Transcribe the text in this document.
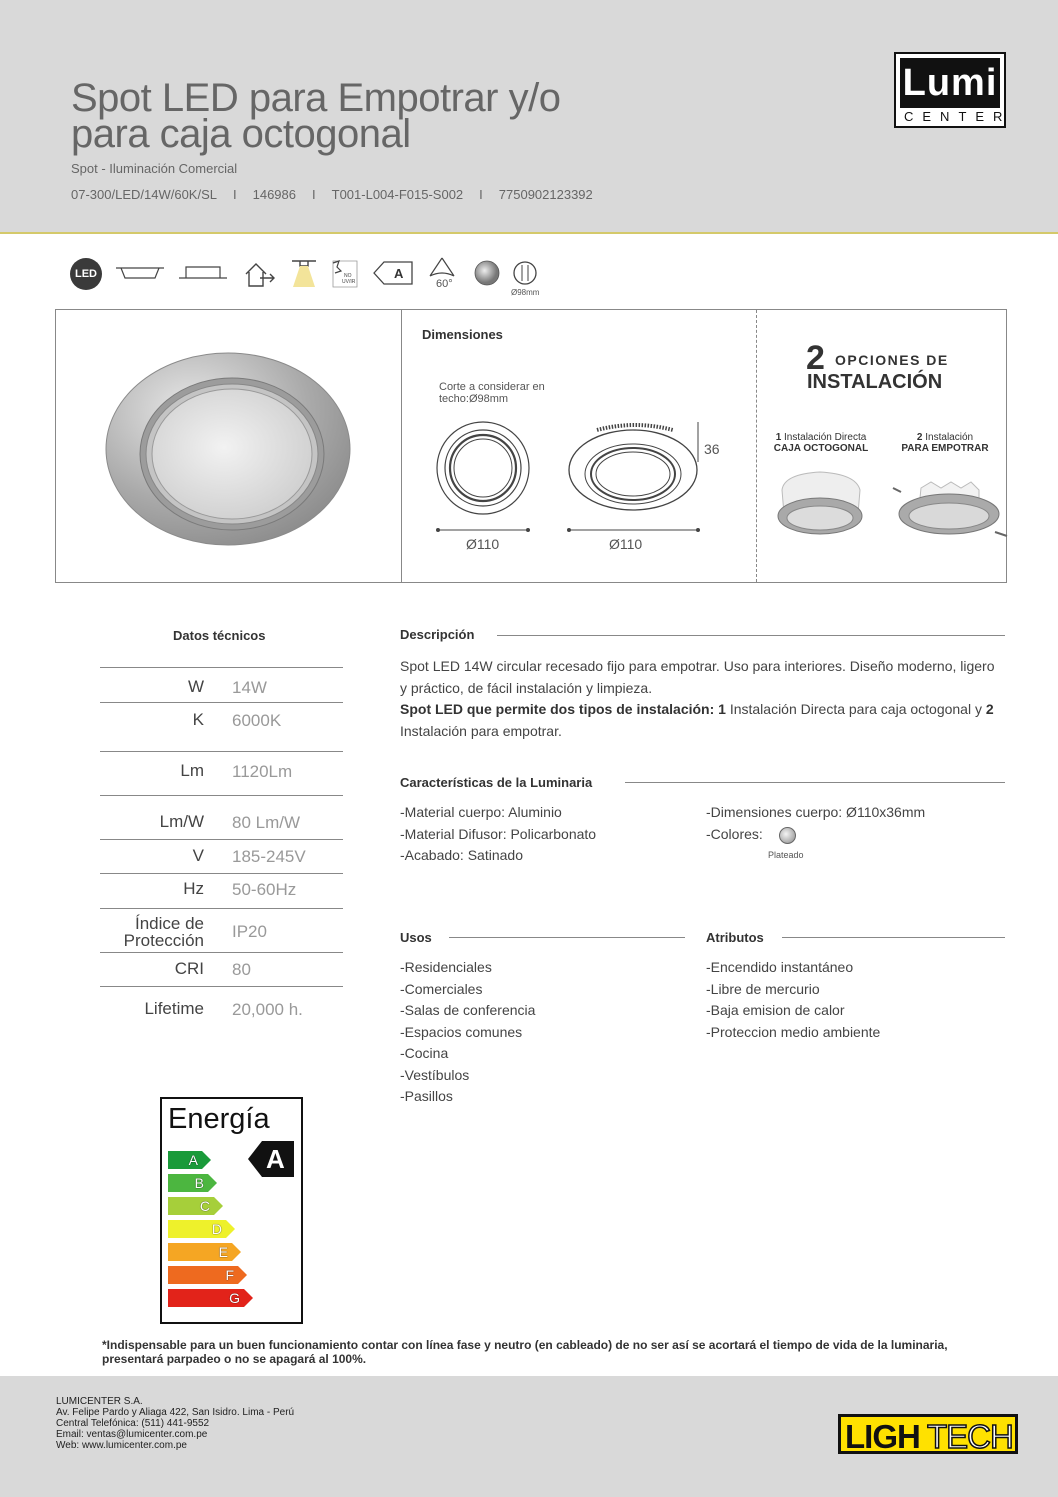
Spot LED para Empotrar y/o
para caja octogonal
Spot - Iluminación Comercial
07-300/LED/14W/60K/SL	I	146986	I	T001-L004-F015-S002	I	7750902123392
Lumi
CENTER
LED	NO
UV/IR
A
60°
Ø98mm
Dimensiones
Corte a considerar en techo:Ø98mm
36
Ø110	Ø110
2 OPCIONES DE
INSTALACIÓN
1 Instalación Directa
CAJA OCTOGONAL
2 Instalación
PARA EMPOTRAR
Datos técnicos
W 14W
K 6000K
Lm 1120Lm
Lm/W 80 Lm/W
V 185-245V
Hz 50-60Hz
Índice de Protección IP20
CRI 80
Lifetime 20,000 h.
Descripción
Spot LED 14W circular recesado fijo para empotrar. Uso para interiores. Diseño moderno, ligero y práctico, de fácil instalación y limpieza.
Spot LED que permite dos tipos de instalación: 1 Instalación Directa para caja octogonal y 2 Instalación para empotrar.
Características de la Luminaria
-Material cuerpo: Aluminio
-Material Difusor: Policarbonato
-Acabado: Satinado
-Dimensiones cuerpo: Ø110x36mm
-Colores:
Plateado
Usos
-Residenciales
-Comerciales
-Salas de conferencia
-Espacios comunes
-Cocina
-Vestíbulos
-Pasillos
Atributos
-Encendido instantáneo
-Libre de mercurio
-Baja emision de calor
-Proteccion medio ambiente
Energía
A
A
B
C
D
E
F
G
*Indispensable para un buen funcionamiento contar con línea fase y neutro (en cableado) de no ser así se acortará el tiempo de vida de la luminaria, presentará parpadeo o no se apagará al 100%.
LUMICENTER S.A.
Av. Felipe Pardo y Aliaga 422, San Isidro. Lima - Perú
Central Telefónica: (511) 441-9552
Email: ventas@lumicenter.com.pe
Web: www.lumicenter.com.pe	LIGH TECH
